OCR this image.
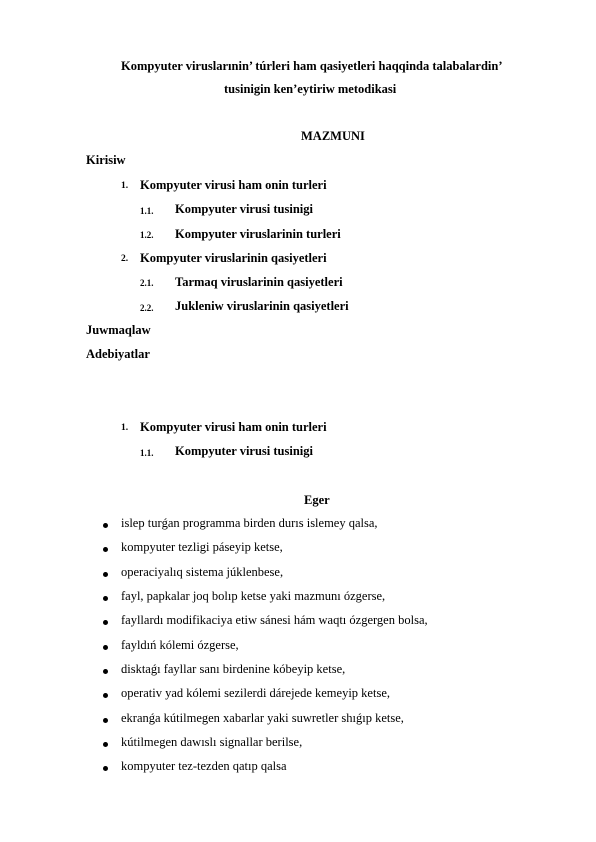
Kompyuter viruslarınin’ túrleri ham qasiyetleri haqqinda talabalardin’
tusinigin ken’eytiriw metodikasi
MAZMUNI
Kirisiw
1. Kompyuter virusi ham onin turleri
1.1. Kompyuter virusi tusinigi
1.2. Kompyuter viruslarinin turleri
2. Kompyuter viruslarinin qasiyetleri
2.1. Tarmaq viruslarinin qasiyetleri
2.2. Jukleniw viruslarinin qasiyetleri
Juwmaqlaw
Adebiyatlar
1. Kompyuter virusi ham onin turleri
1.1. Kompyuter virusi tusinigi
Eger
islep turǵan programma birden durıs islemey qalsa,
kompyuter tezligi páseyip ketse,
operaciyalıq sistema júklenbese,
fayl, papkalar joq bolıp ketse yaki mazmunı ózgerse,
fayllardı modifikaciya etiw sánesi hám waqtı ózgergen bolsa,
fayldıń kólemi ózgerse,
disktaǵı fayllar sanı birdenine kóbeyip ketse,
operativ yad kólemi sezilerdi dárejede kemeyip ketse,
ekranǵa kútilmegen xabarlar yaki suwretler shıǵıp ketse,
kútilmegen dawıslı signallar berilse,
kompyuter tez-tezden qatıp qalsa
